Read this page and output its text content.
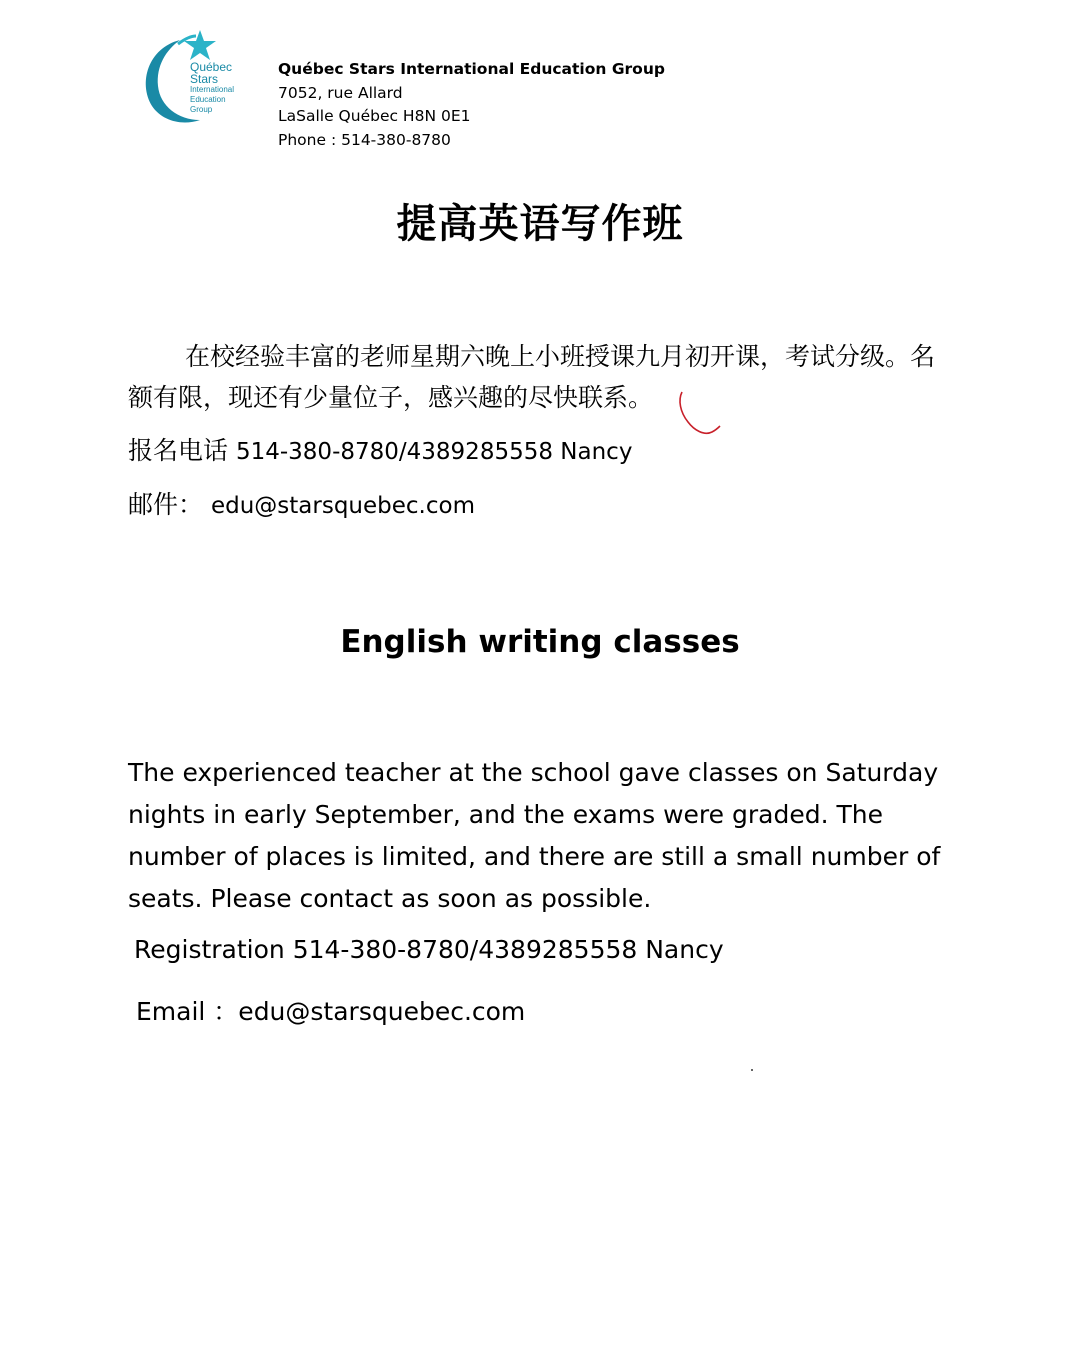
Québec
Stars
International
Education
Group
Québec Stars International Education Group
7052, rue Allard
LaSalle Québec H8N 0E1
Phone : 514-380-8780
提高英语写作班
在校经验丰富的老师星期六晚上小班授课九月初开课，考试分级。名额有限，现还有少量位子，感兴趣的尽快联系。
报名电话 514-380-8780/4389285558 Nancy
邮件： edu@starsquebec.com
English writing classes
The experienced teacher at the school gave classes on Saturday nights in early September, and the exams were graded. The number of places is limited, and there are still a small number of seats. Please contact as soon as possible.
Registration 514-380-8780/4389285558 Nancy
Email ：edu@starsquebec.com
